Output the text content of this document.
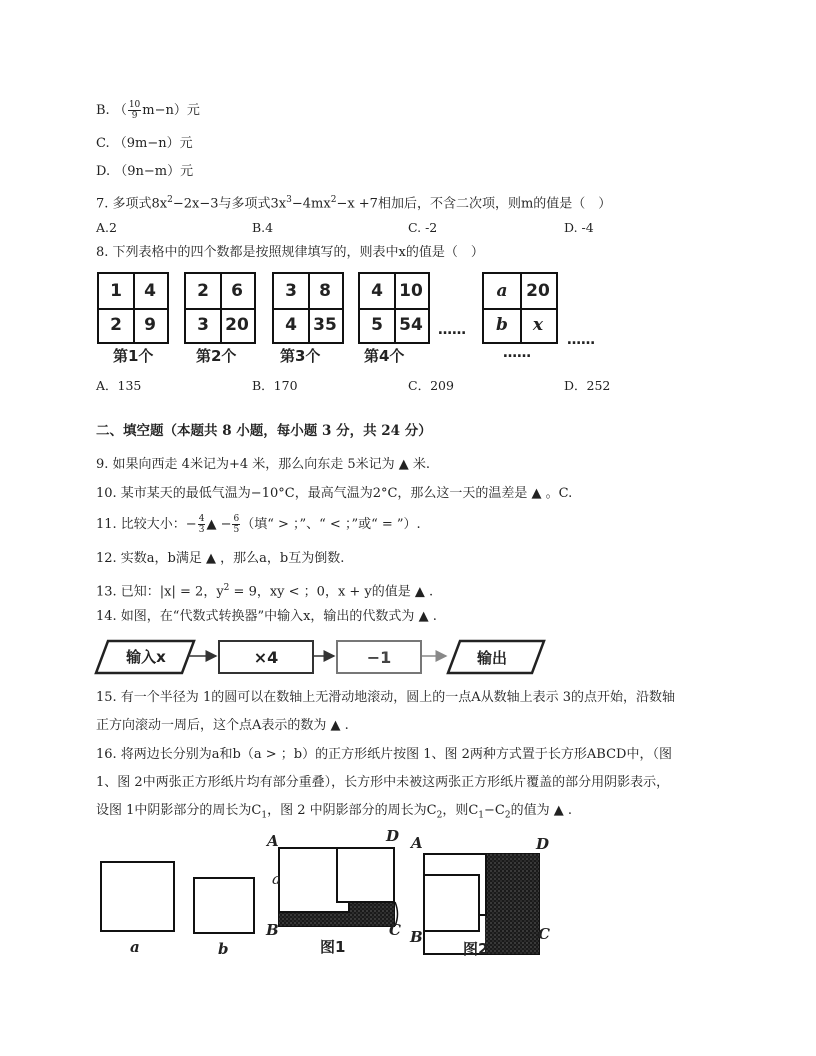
B. （ $\frac{10}{9} m-n$）元
C. （9m−n）元
D. （9n−m）元
7. 多项式$8x^2-2x-3$与多项式$3x^3-4mx^2-x +7$相加后，不含二次项，则m的值是（　）
A.2	B.4	C. -2	D. -4
8. 下列表格中的四个数都是按照规律填写的，则表中x的值是（　）
1	4
2	9
第1个
2	6
3 20
第2个
3	8
4 35
第3个
4 10
5 54
第4个
……
a	20
b	x
……
……
A．135	B．170	C．209	D．252
二、填空题（本题共 8 小题，每小题 3 分，共 24 分）
9. 如果向西走 4米记为+4 米，那么向东走 5米记为 ▲ 米.
10. 某市某天的最低气温为−10°C，最高气温为2°C，那么这一天的温差是 ▲ 。C.
11. 比较大小：− $\frac{4}{3}$ ▲ − $\frac{6}{5}$ （填“ > ；”、“ < ；”或“ = ”）.
12. 实数a，b满足 ▲ ，那么a，b互为倒数.
13. 已知：|x| = 2，$y^2 = 9$，xy < ；0，x + y的值是 ▲ .
14. 如图，在“代数式转换器”中输入x，输出的代数式为 ▲ .
输入x	×4	−1	输出
15. 有一个半径为 1的圆可以在数轴上无滑动地滚动，圆上的一点A从数轴上表示 3的点开始，沿数轴
正方向滚动一周后，这个点A表示的数为 ▲ .
16. 将两边长分别为a和b（a > ；b）的正方形纸片按图 1、图 2两种方式置于长方形ABCD中，（图
1、图 2中两张正方形纸片均有部分重叠），长方形中未被这两张正方形纸片覆盖的部分用阴影表示，
设图 1中阴影部分的周长为$C_1$，图 2 中阴影部分的周长为$C_2$，则$C_1-C_2$的值为 ▲ .
a	b
A	D
B	C
a
图1
A	D
B	C
图2
